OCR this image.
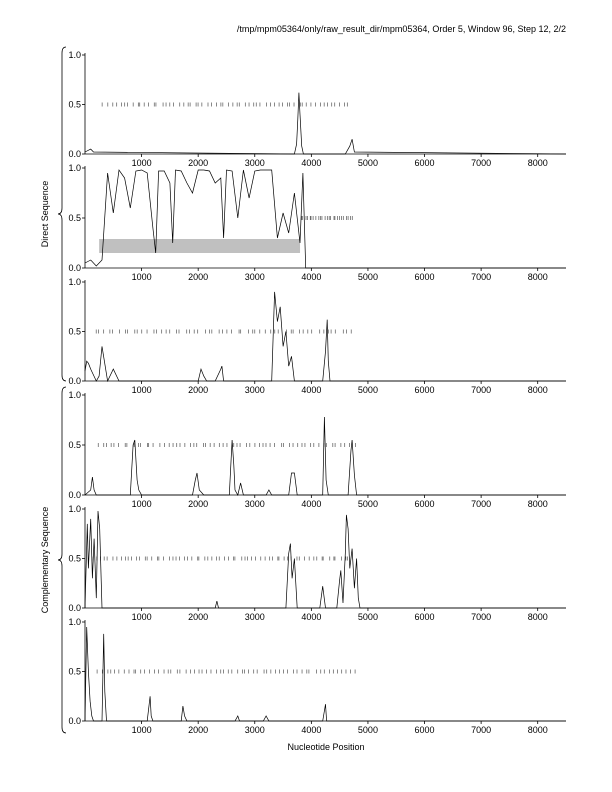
/tmp/mpm05364/only/raw_result_dir/mpm05364, Order 5, Window 96, Step 12, 2/2
0.0
0.5
1.0
1000	2000	3000	4000	5000	6000	7000	8000
0.0
0.5
1.0
1000	2000	3000	4000	5000	6000	7000	8000
0.0
0.5
1.0
1000	2000	3000	4000	5000	6000	7000	8000
0.0
0.5
1.0
1000	2000	3000	4000	5000	6000	7000	8000
0.0
0.5
1.0
1000	2000	3000	4000	5000	6000	7000	8000
0.0
0.5
1.0
1000	2000	3000	4000	5000	6000	7000	8000
Direct Sequence
Complementary Sequence
Nucleotide Position
